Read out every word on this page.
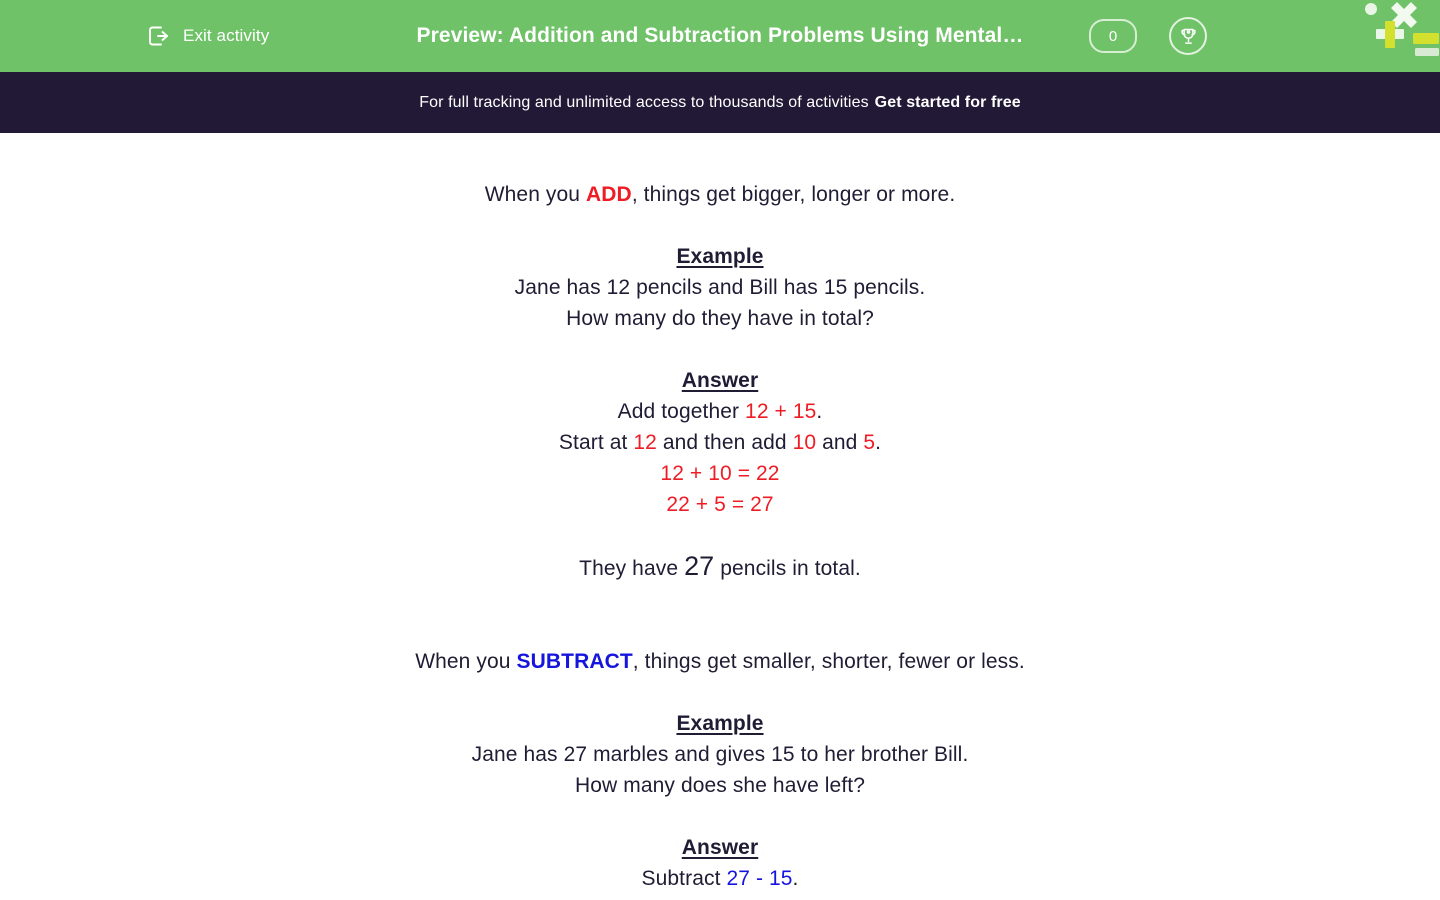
Exit activity	Preview: Addition and Subtraction Problems Using Mental…	0
For full tracking and unlimited access to thousands of activities Get started for free

When you ADD, things get bigger, longer or more.

Example

Jane has 12 pencils and Bill has 15 pencils.

How many do they have in total?

Answer

Add together 12 + 15.

Start at 12 and then add 10 and 5.

12 + 10 = 22

22 + 5 = 27

They have 27 pencils in total.

When you SUBTRACT, things get smaller, shorter, fewer or less.

Example

Jane has 27 marbles and gives 15 to her brother Bill.

How many does she have left?

Answer

Subtract 27 - 15.
